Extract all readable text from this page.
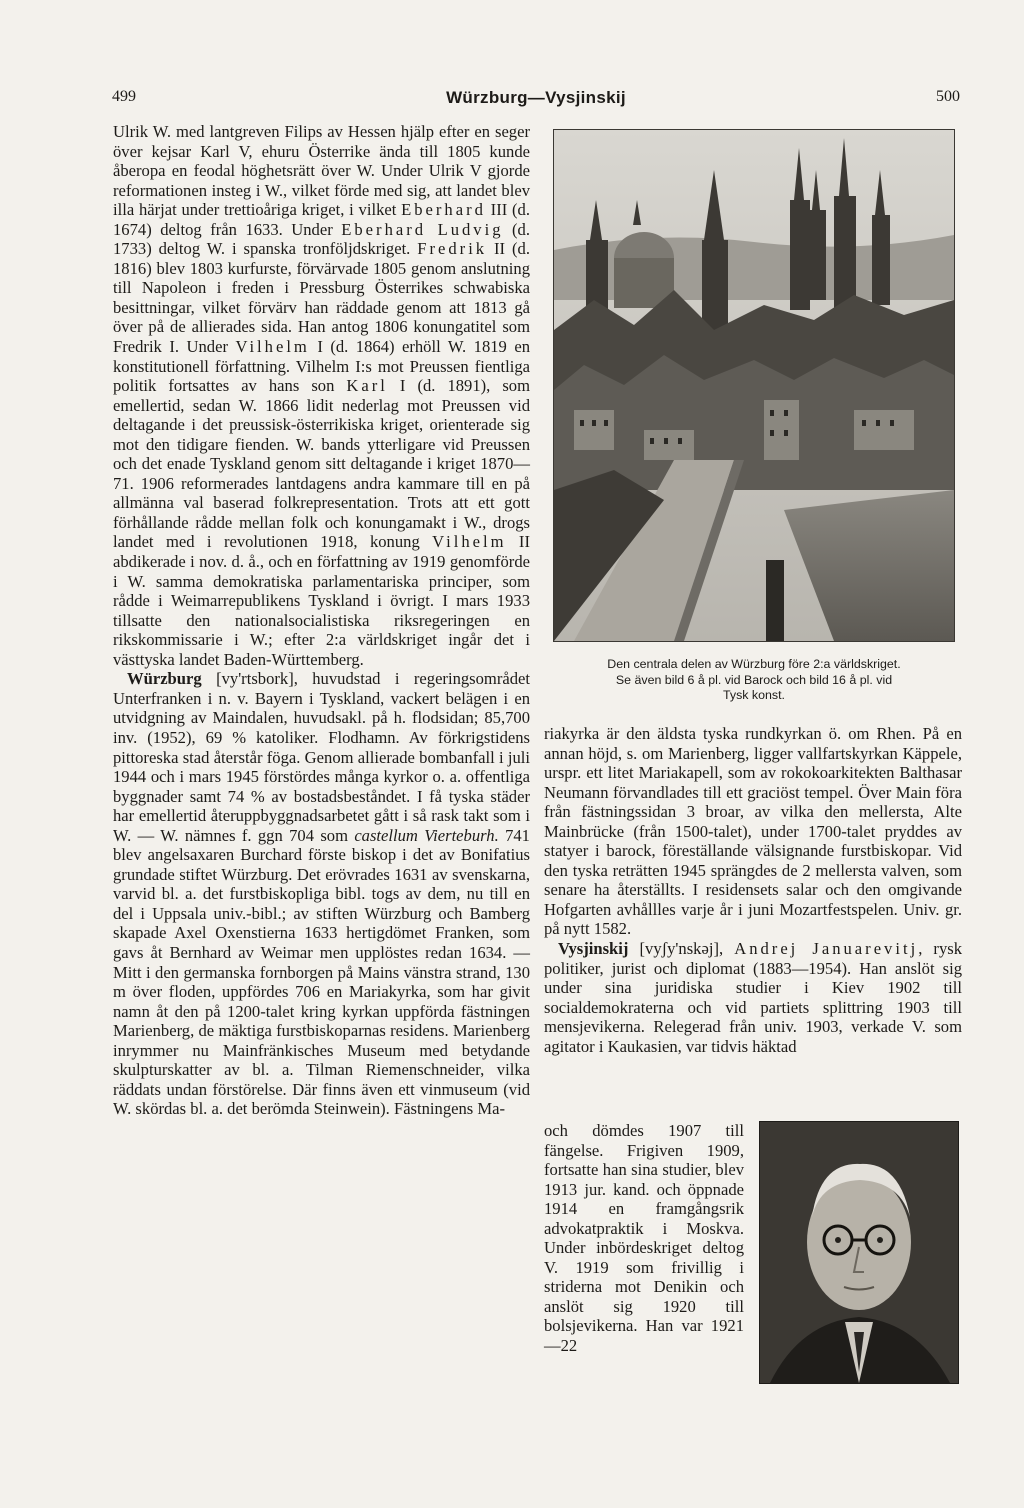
499	Würzburg—Vysjinskij	500

Ulrik W. med lantgreven Filips av Hessen hjälp efter en seger över kejsar Karl V, ehuru Österrike ända till 1805 kunde åberopa en feodal höghetsrätt över W. Under Ulrik V gjorde reformationen insteg i W., vilket förde med sig, att landet blev illa härjat under trettioåriga kriget, i vilket Eberhard III (d. 1674) deltog från 1633. Under Eberhard Ludvig (d. 1733) deltog W. i spanska tronföljdskriget. Fredrik II (d. 1816) blev 1803 kurfurste, förvärvade 1805 genom anslutning till Napoleon i freden i Pressburg Österrikes schwabiska besittningar, vilket förvärv han räddade genom att 1813 gå över på de allierades sida. Han antog 1806 konungatitel som Fredrik I. Under Vilhelm I (d. 1864) erhöll W. 1819 en konstitutionell författning. Vilhelm I:s mot Preussen fientliga politik fortsattes av hans son Karl I (d. 1891), som emellertid, sedan W. 1866 lidit nederlag mot Preussen vid deltagande i det preussisk-österrikiska kriget, orienterade sig mot den tidigare fienden. W. bands ytterligare vid Preussen och det enade Tyskland genom sitt deltagande i kriget 1870—71. 1906 reformerades lantdagens andra kammare till en på allmänna val baserad folkrepresentation. Trots att ett gott förhållande rådde mellan folk och konungamakt i W., drogs landet med i revolutionen 1918, konung Vilhelm II abdikerade i nov. d. å., och en författning av 1919 genomförde i W. samma demokratiska parlamentariska principer, som rådde i Weimarrepublikens Tyskland i övrigt. I mars 1933 tillsatte den nationalsocialistiska riksregeringen en rikskommissarie i W.; efter 2:a världskriget ingår det i västtyska landet Baden-Württemberg.

Würzburg [vy'rtsbork], huvudstad i regeringsområdet Unterfranken i n. v. Bayern i Tyskland, vackert belägen i en utvidgning av Maindalen, huvudsakl. på h. flodsidan; 85,700 inv. (1952), 69 % katoliker. Flodhamn. Av förkrigstidens pittoreska stad återstår föga. Genom allierade bombanfall i juli 1944 och i mars 1945 förstördes många kyrkor o. a. offentliga byggnader samt 74 % av bostadsbeståndet. I få tyska städer har emellertid återuppbyggnadsarbetet gått i så rask takt som i W. — W. nämnes f. ggn 704 som castellum Vierteburh. 741 blev angelsaxaren Burchard förste biskop i det av Bonifatius grundade stiftet Würzburg. Det erövrades 1631 av svenskarna, varvid bl. a. det furstbiskopliga bibl. togs av dem, nu till en del i Uppsala univ.-bibl.; av stiften Würzburg och Bamberg skapade Axel Oxenstierna 1633 hertigdömet Franken, som gavs åt Bernhard av Weimar men upplöstes redan 1634. — Mitt i den germanska fornborgen på Mains vänstra strand, 130 m över floden, uppfördes 706 en Mariakyrka, som har givit namn åt den på 1200-talet kring kyrkan uppförda fästningen Marienberg, de mäktiga furstbiskoparnas residens. Marienberg inrymmer nu Mainfränkisches Museum med betydande skulpturskatter av bl. a. Tilman Riemenschneider, vilka räddats undan förstörelse. Där finns även ett vinmuseum (vid W. skördas bl. a. det berömda Steinwein). Fästningens Ma-

Den centrala delen av Würzburg före 2:a världskriget.

Se även bild 6 å pl. vid Barock och bild 16 å pl. vid

Tysk konst.

riakyrka är den äldsta tyska rundkyrkan ö. om Rhen. På en annan höjd, s. om Marienberg, ligger vallfartskyrkan Käppele, urspr. ett litet Mariakapell, som av rokokoarkitekten Balthasar Neumann förvandlades till ett graciöst tempel. Över Main föra från fästningssidan 3 broar, av vilka den mellersta, Alte Mainbrücke (från 1500-talet), under 1700-talet pryddes av statyer i barock, föreställande välsignande furstbiskopar. Vid den tyska reträtten 1945 sprängdes de 2 mellersta valven, som senare ha återställts. I residensets salar och den omgivande Hofgarten avhållles varje år i juni Mozartfestspelen. Univ. gr. på nytt 1582.

Vysjinskij [vyʃy'nskəj], Andrej Januarevitj, rysk politiker, jurist och diplomat (1883—1954). Han anslöt sig under sina juridiska studier i Kiev 1902 till socialdemokraterna och vid partiets splittring 1903 till mensjevikerna. Relegerad från univ. 1903, verkade V. som agitator i Kaukasien, var tidvis häktad

och dömdes 1907 till fängelse. Frigiven 1909, fortsatte han sina studier, blev 1913 jur. kand. och öppnade 1914 en framgångsrik advokatpraktik i Moskva. Under inbördeskriget deltog V. 1919 som frivillig i striderna mot Denikin och anslöt sig 1920 till bolsjevikerna. Han var 1921—22
